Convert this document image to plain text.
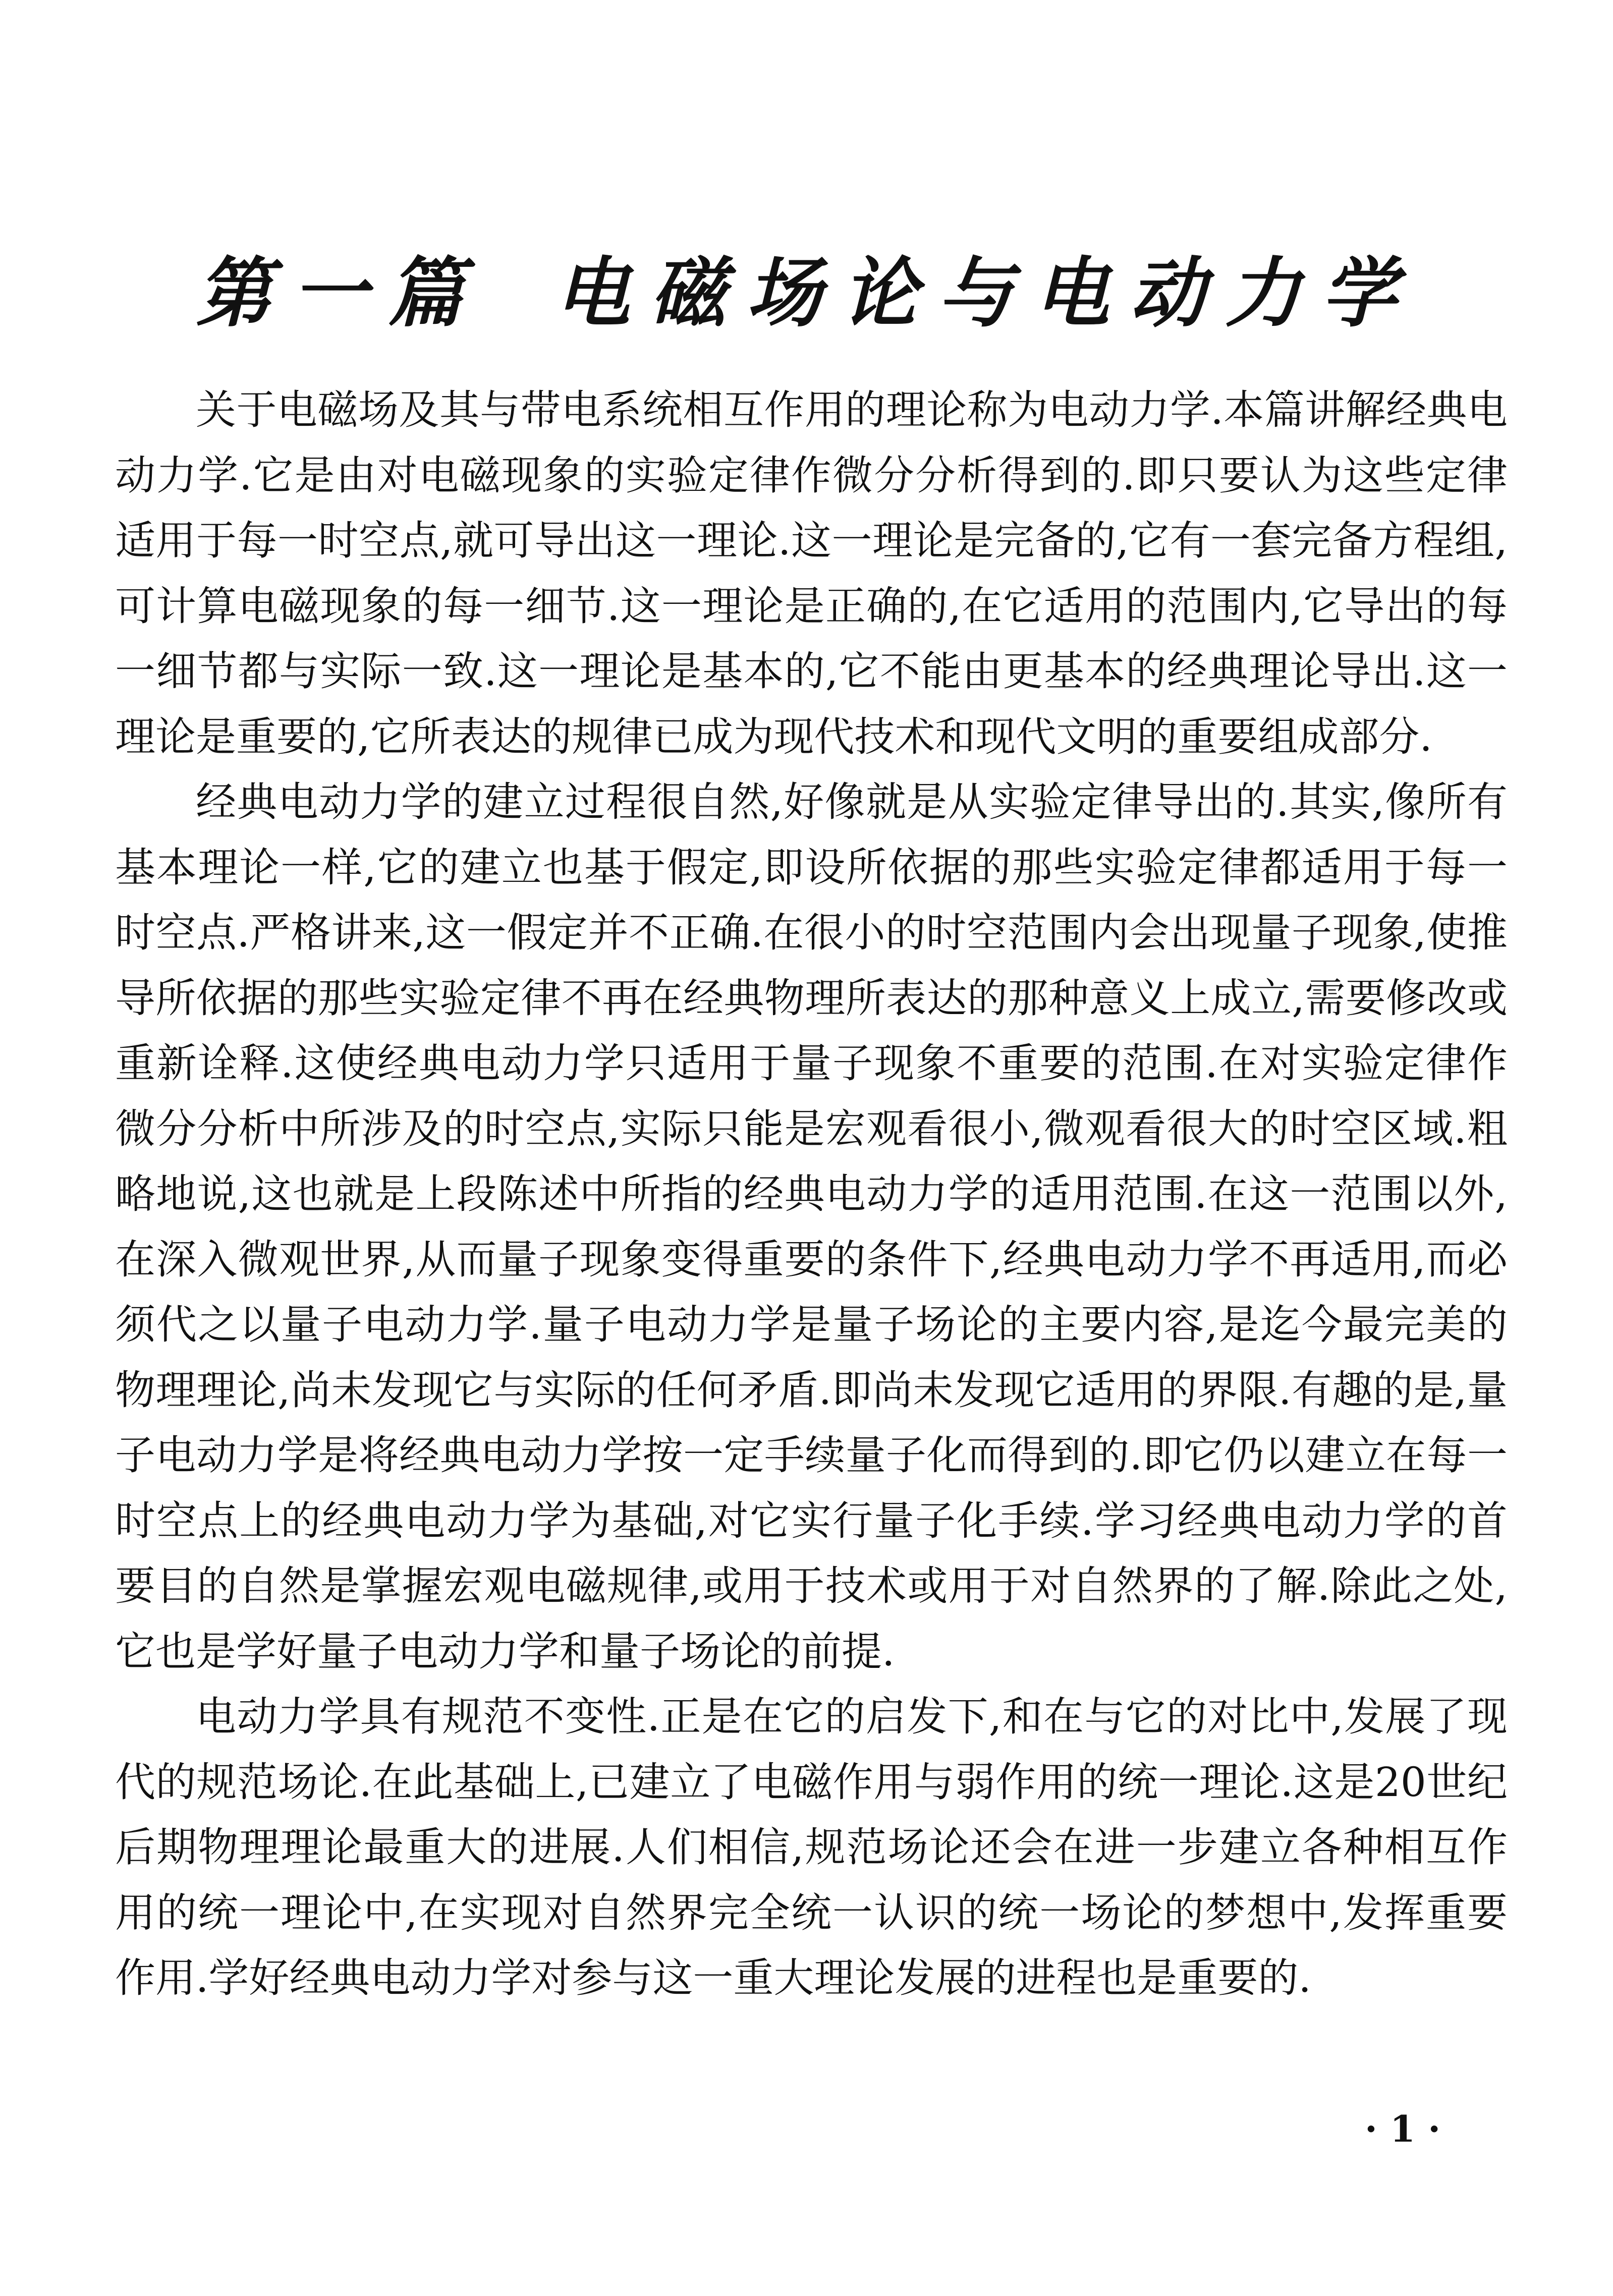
第一篇 电磁场论与电动力学

关于电磁场及其与带电系统相互作用的理论称为电动力学.本篇讲解经典电动力学.它是由对电磁现象的实验定律作微分分析得到的.即只要认为这些定律适用于每一时空点,就可导出这一理论.这一理论是完备的,它有一套完备方程组,可计算电磁现象的每一细节.这一理论是正确的,在它适用的范围内,它导出的每一细节都与实际一致.这一理论是基本的,它不能由更基本的经典理论导出.这一理论是重要的,它所表达的规律已成为现代技术和现代文明的重要组成部分.

经典电动力学的建立过程很自然,好像就是从实验定律导出的.其实,像所有基本理论一样,它的建立也基于假定,即设所依据的那些实验定律都适用于每一时空点.严格讲来,这一假定并不正确.在很小的时空范围内会出现量子现象,使推导所依据的那些实验定律不再在经典物理所表达的那种意义上成立,需要修改或重新诠释.这使经典电动力学只适用于量子现象不重要的范围.在对实验定律作微分分析中所涉及的时空点,实际只能是宏观看很小,微观看很大的时空区域.粗略地说,这也就是上段陈述中所指的经典电动力学的适用范围.在这一范围以外,在深入微观世界,从而量子现象变得重要的条件下,经典电动力学不再适用,而必须代之以量子电动力学.量子电动力学是量子场论的主要内容,是迄今最完美的物理理论,尚未发现它与实际的任何矛盾.即尚未发现它适用的界限.有趣的是,量子电动力学是将经典电动力学按一定手续量子化而得到的.即它仍以建立在每一时空点上的经典电动力学为基础,对它实行量子化手续.学习经典电动力学的首要目的自然是掌握宏观电磁规律,或用于技术或用于对自然界的了解.除此之处,它也是学好量子电动力学和量子场论的前提.

电动力学具有规范不变性.正是在它的启发下,和在与它的对比中,发展了现代的规范场论.在此基础上,已建立了电磁作用与弱作用的统一理论.这是20世纪后期物理理论最重大的进展.人们相信,规范场论还会在进一步建立各种相互作用的统一理论中,在实现对自然界完全统一认识的统一场论的梦想中,发挥重要作用.学好经典电动力学对参与这一重大理论发展的进程也是重要的.

· 1 ·
